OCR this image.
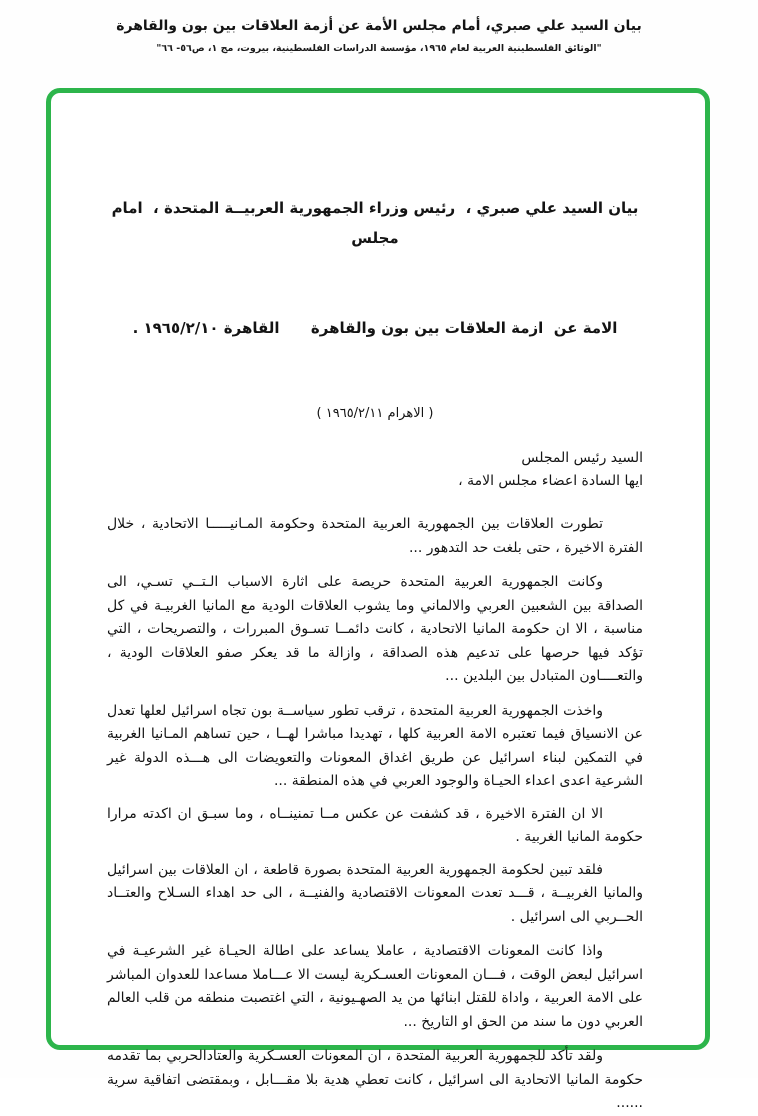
بيان السيد علي صبري، أمام مجلس الأمة عن أزمة العلاقات بين بون والقاهرة
"الوثائق الفلسطينية العربية لعام ١٩٦٥، مؤسسة الدراسات الفلسطينية، بيروت، مج ١، ص٥٦- ٦٦"

بيان السيد علي صبري ،  رئيس وزراء الجمهورية العربيــة المتحدة ،  امام مجلس

الامة عن  ازمة العلاقات بين بون والقاهرة      القاهرة ١٩٦٥/٢/١٠ .

( الاهرام ١٩٦٥/٢/١١ )
السيد رئيس المجلس
ايها السادة اعضاء مجلس الامة ،
تطورت العلاقات بين الجمهورية العربية المتحدة وحكومة المـانيـــــا الاتحادية ، خلال الفترة الاخيرة ، حتى بلغت حد التدهور ...
وكانت الجمهورية العربية المتحدة حريصة على اثارة الاسباب الـتــي تسـي، الى الصداقة بين الشعبين العربي والالماني وما يشوب العلاقات الودية مع المانيا الغربيـة في كل مناسبة ، الا ان حكومة المانيا الاتحادية ، كانت دائمــا تسـوق المبررات ، والتصريحات ، التي تؤكد فيها حرصها على تدعيم هذه الصداقة ، وازالة ما قد يعكر صفو العلاقات الودية ، والتعــــاون المتبادل بين البلدين ...
واخذت الجمهورية العربية المتحدة ، ترقب تطور سياســة بون تجاه اسرائيل لعلها تعدل عن الانسياق فيما تعتبره الامة العربية كلها ، تهديدا مباشرا لهــا ، حين تساهم المـانيا الغربية في التمكين لبناء اسرائيل عن طريق اغداق المعونات والتعويضات الى هـــذه الدولة غير الشرعية اعدى اعداء الحيـاة والوجود العربي في هذه المنطقة ...
الا ان الفترة الاخيرة ، قد كشفت عن عكس مــا تمنينــاه ، وما سبـق ان اكدته مرارا حكومة المانيا الغربية .
فلقد تبين لحكومة الجمهورية العربية المتحدة بصورة قاطعة ، ان العلاقات بين اسرائيل والمانيا الغربيــة ، قـــد تعدت المعونات الاقتصادية والفنيــة ، الى حد اهداء السـلاح والعتــاد الحــربي الى اسرائيل .
واذا كانت المعونات الاقتصادية ، عاملا يساعد على اطالة الحيـاة غير الشرعيـة في اسرائيل لبعض الوقت ، فـــان المعونات العسـكرية ليست الا عـــاملا مساعدا للعدوان المباشر على الامة العربية ، واداة للقتل ابنائها من يد الصهـيونية ، التي اغتصبت منطقه من قلب العالم العربي دون ما سند من الحق او التاريخ ...
ولقد تأكد للجمهورية العربية المتحدة ، ان المعونات العسـكرية والعتادالحربي بما تقدمه حكومة المانيا الاتحادية الى اسرائيل ، كانت تعطي هدية بلا مقـــابل ، وبمقتضى اتفاقية سرية ......
